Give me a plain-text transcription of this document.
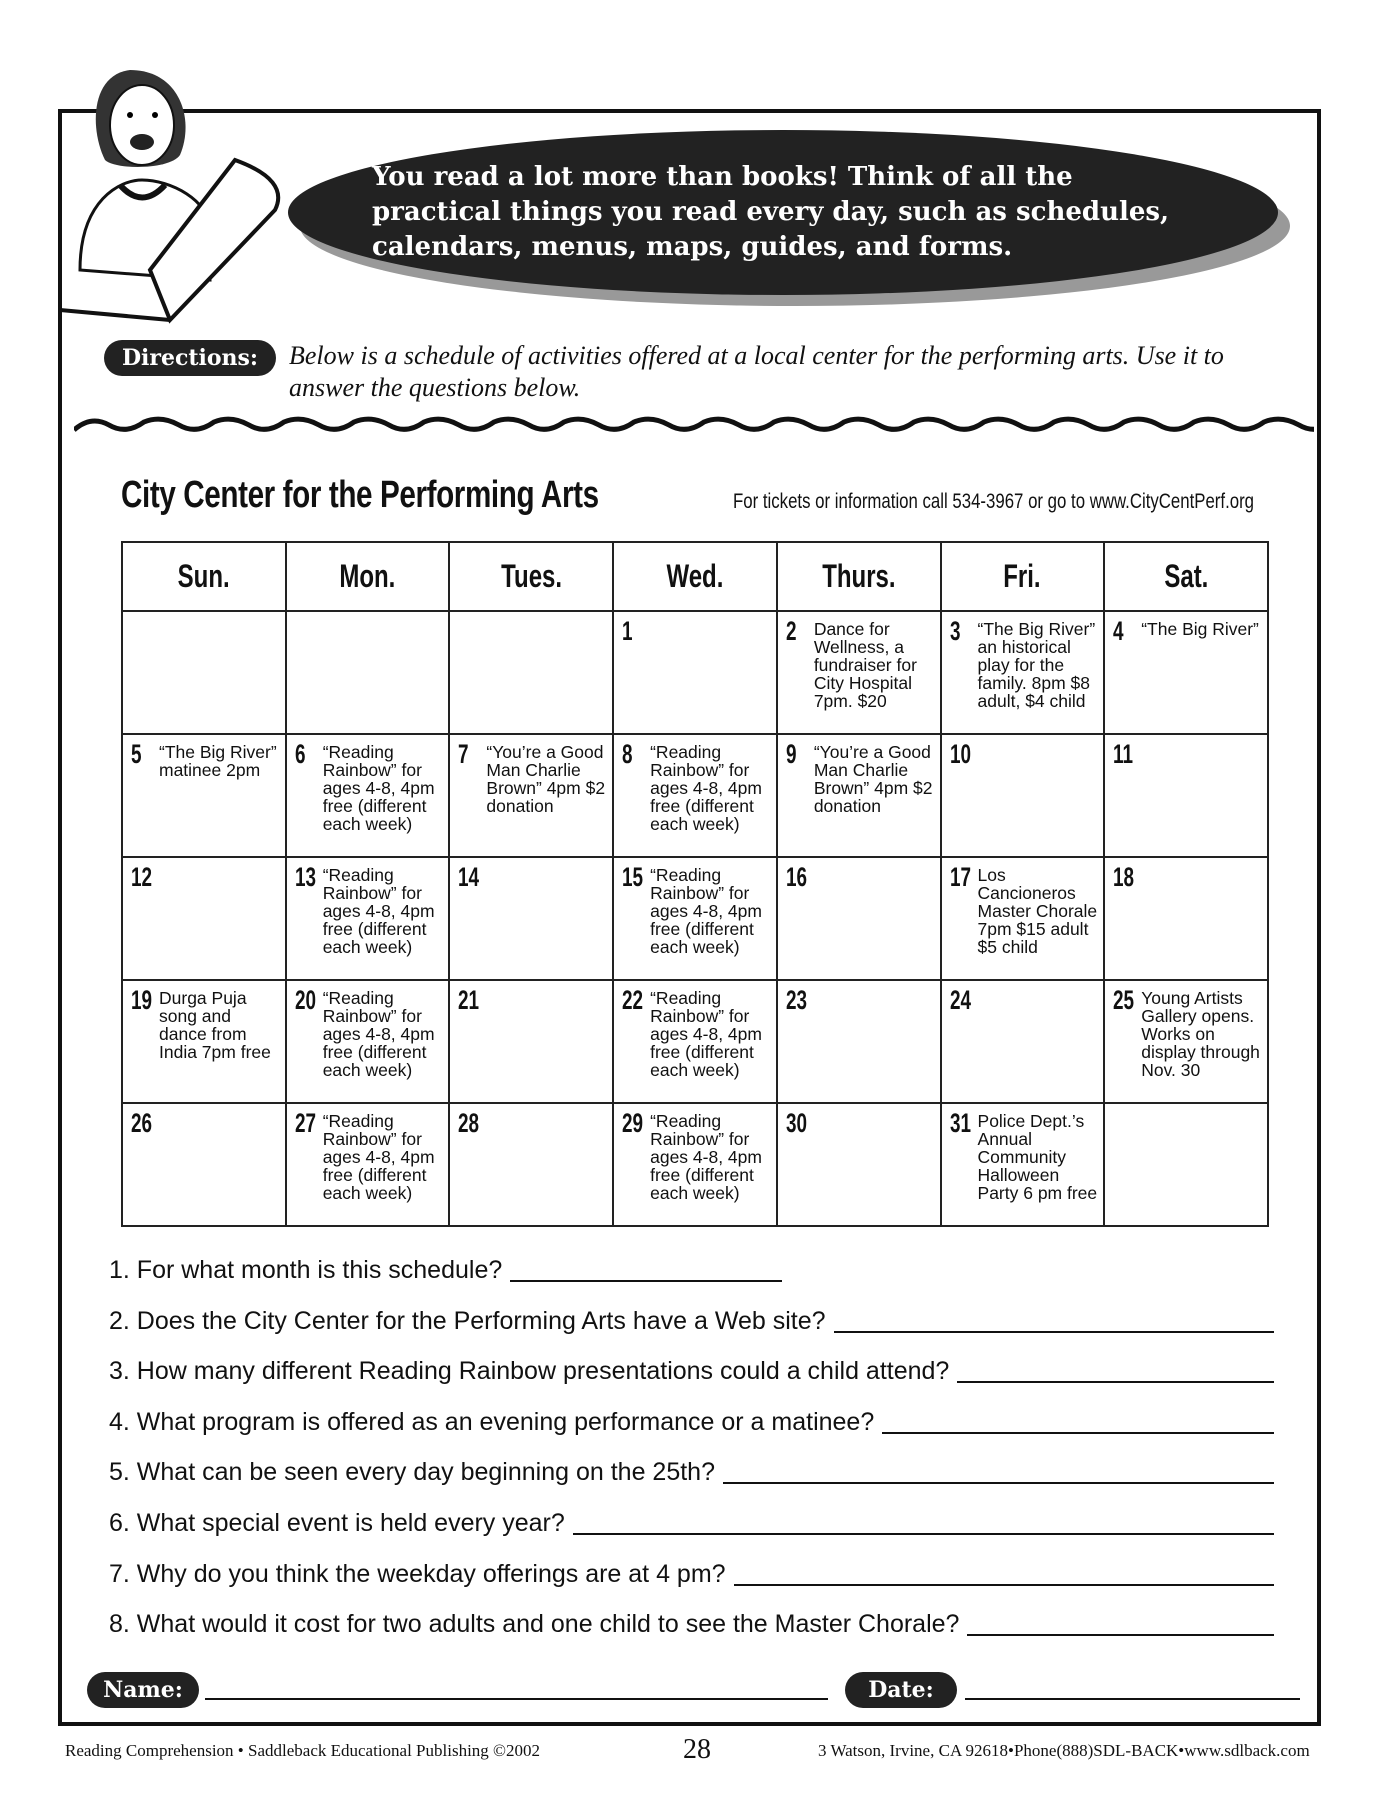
You read a lot more than books! Think of all the practical things you read every day, such as schedules, calendars, menus, maps, guides, and forms.
Directions:	Below is a schedule of activities offered at a local center for the performing arts. Use it to answer the questions below.
City Center for the Performing Arts	For tickets or information call 534-3967 or go to www.CityCentPerf.org
Sun.	Mon.	Tues.	Wed.	Thurs.	Fri.	Sat.

			1	2 Dance for Wellness, a fundraiser for City Hospital 7pm. $20	3 “The Big River” an historical play for the family. 8pm $8 adult, $4 child	4 “The Big River”

5 “The Big River” matinee 2pm	6 “Reading Rainbow” for ages 4-8, 4pm free (different each week)	7 “You’re a Good Man Charlie Brown” 4pm $2 donation	8 “Reading Rainbow” for ages 4-8, 4pm free (different each week)	9 “You’re a Good Man Charlie Brown” 4pm $2 donation	10	11

12	13 “Reading Rainbow” for ages 4-8, 4pm free (different each week)	14	15 “Reading Rainbow” for ages 4-8, 4pm free (different each week)	16	17 Los Cancioneros Master Chorale 7pm $15 adult $5 child	18

19 Durga Puja song and dance from India 7pm free	20 “Reading Rainbow” for ages 4-8, 4pm free (different each week)	21	22 “Reading Rainbow” for ages 4-8, 4pm free (different each week)	23	24	25 Young Artists Gallery opens. Works on display through Nov. 30

26	27 “Reading Rainbow” for ages 4-8, 4pm free (different each week)	28	29 “Reading Rainbow” for ages 4-8, 4pm free (different each week)	30	31 Police Dept.’s Annual Community Halloween Party 6 pm free	

1. For what month is this schedule?
2. Does the City Center for the Performing Arts have a Web site?
3. How many different Reading Rainbow presentations could a child attend?
4. What program is offered as an evening performance or a matinee?
5. What can be seen every day beginning on the 25th?
6. What special event is held every year?
7. Why do you think the weekday offerings are at 4 pm?
8. What would it cost for two adults and one child to see the Master Chorale?
Name:	Date:
Reading Comprehension • Saddleback Educational Publishing ©2002	28	3 Watson, Irvine, CA 92618•Phone(888)SDL-BACK•www.sdlback.com
